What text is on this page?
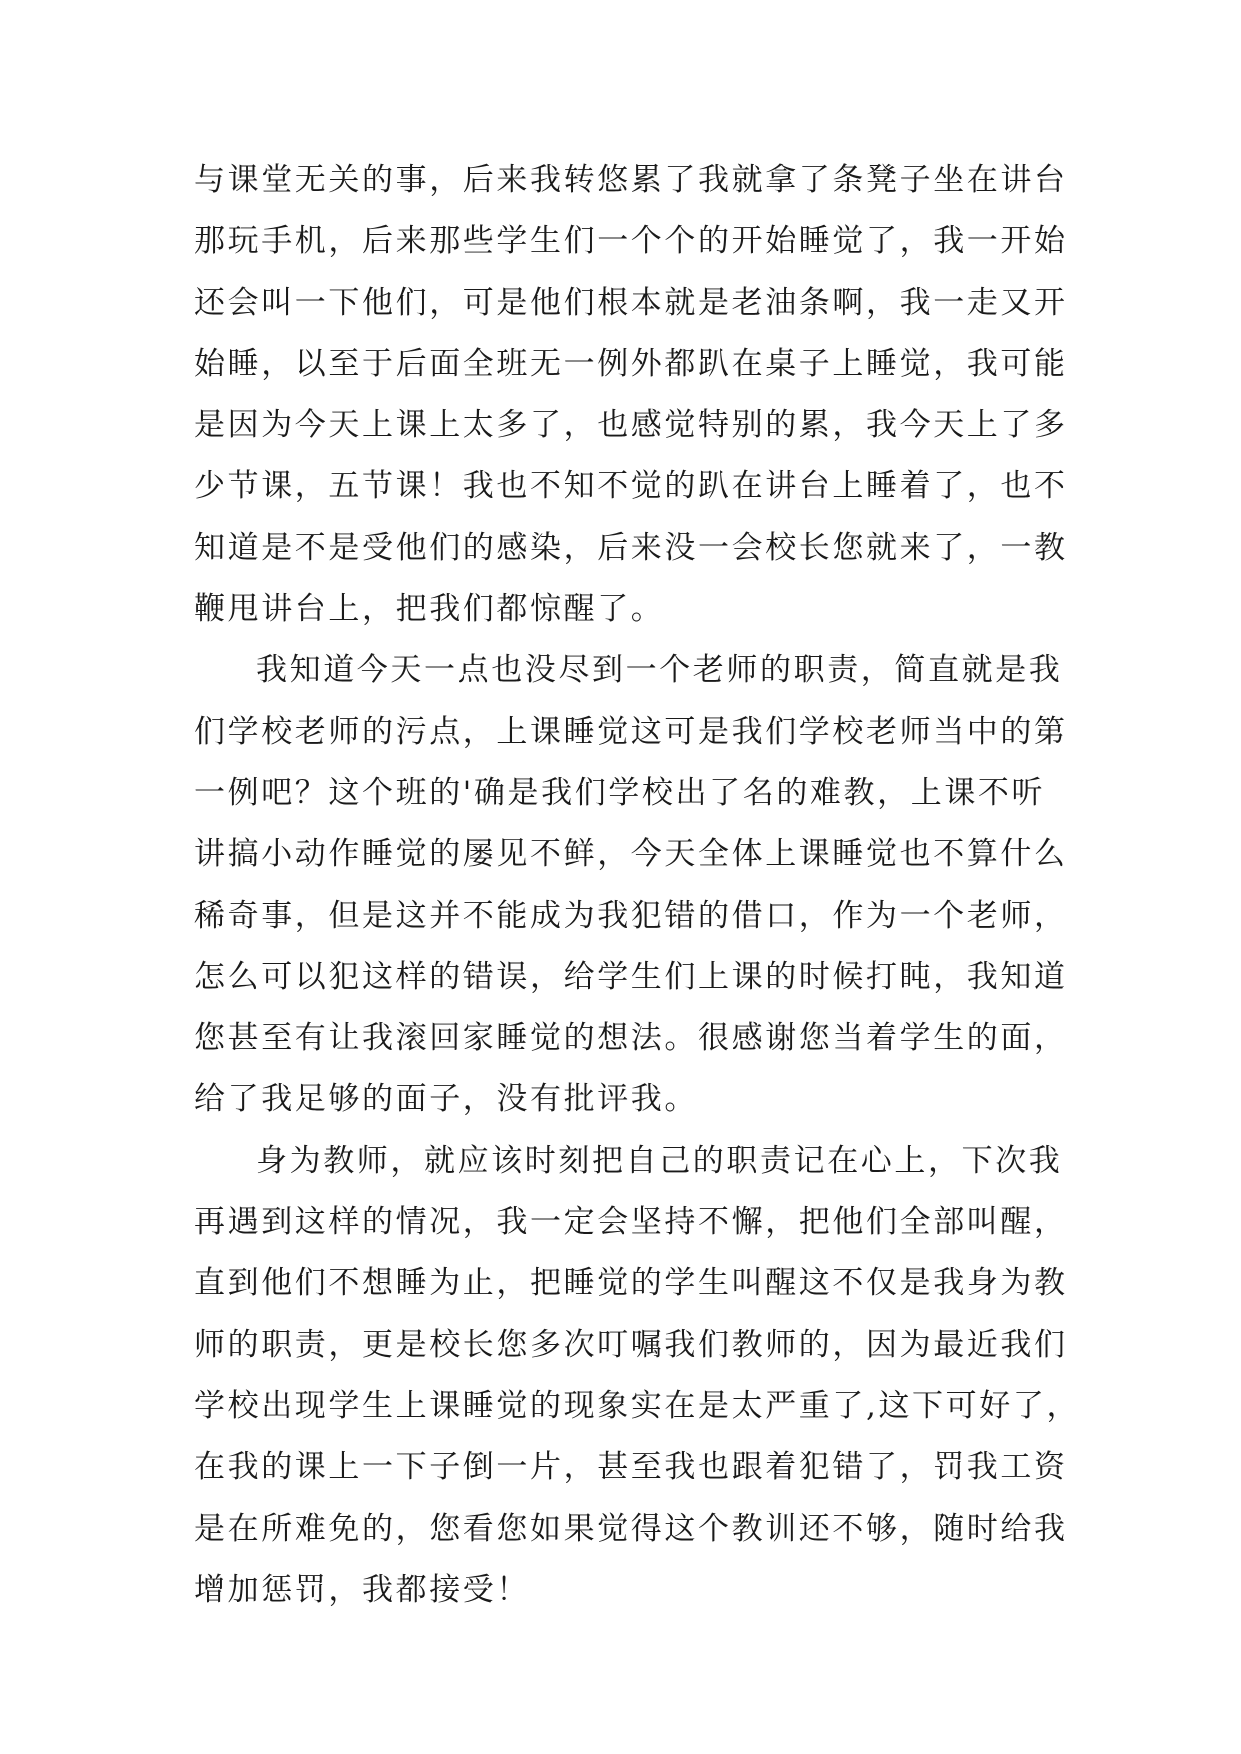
与课堂无关的事，后来我转悠累了我就拿了条凳子坐在讲台
那玩手机，后来那些学生们一个个的开始睡觉了，我一开始
还会叫一下他们，可是他们根本就是老油条啊，我一走又开
始睡，以至于后面全班无一例外都趴在桌子上睡觉，我可能
是因为今天上课上太多了，也感觉特别的累，我今天上了多
少节课，五节课！我也不知不觉的趴在讲台上睡着了，也不
知道是不是受他们的感染，后来没一会校长您就来了，一教
鞭甩讲台上，把我们都惊醒了。
我知道今天一点也没尽到一个老师的职责，简直就是我
们学校老师的污点，上课睡觉这可是我们学校老师当中的第
一例吧？这个班的'确是我们学校出了名的难教，上课不听
讲搞小动作睡觉的屡见不鲜，今天全体上课睡觉也不算什么
稀奇事，但是这并不能成为我犯错的借口，作为一个老师，
怎么可以犯这样的错误，给学生们上课的时候打盹，我知道
您甚至有让我滚回家睡觉的想法。很感谢您当着学生的面，
给了我足够的面子，没有批评我。
身为教师，就应该时刻把自己的职责记在心上，下次我
再遇到这样的情况，我一定会坚持不懈，把他们全部叫醒，
直到他们不想睡为止，把睡觉的学生叫醒这不仅是我身为教
师的职责，更是校长您多次叮嘱我们教师的，因为最近我们
学校出现学生上课睡觉的现象实在是太严重了,这下可好了，
在我的课上一下子倒一片，甚至我也跟着犯错了，罚我工资
是在所难免的，您看您如果觉得这个教训还不够，随时给我
增加惩罚，我都接受！
